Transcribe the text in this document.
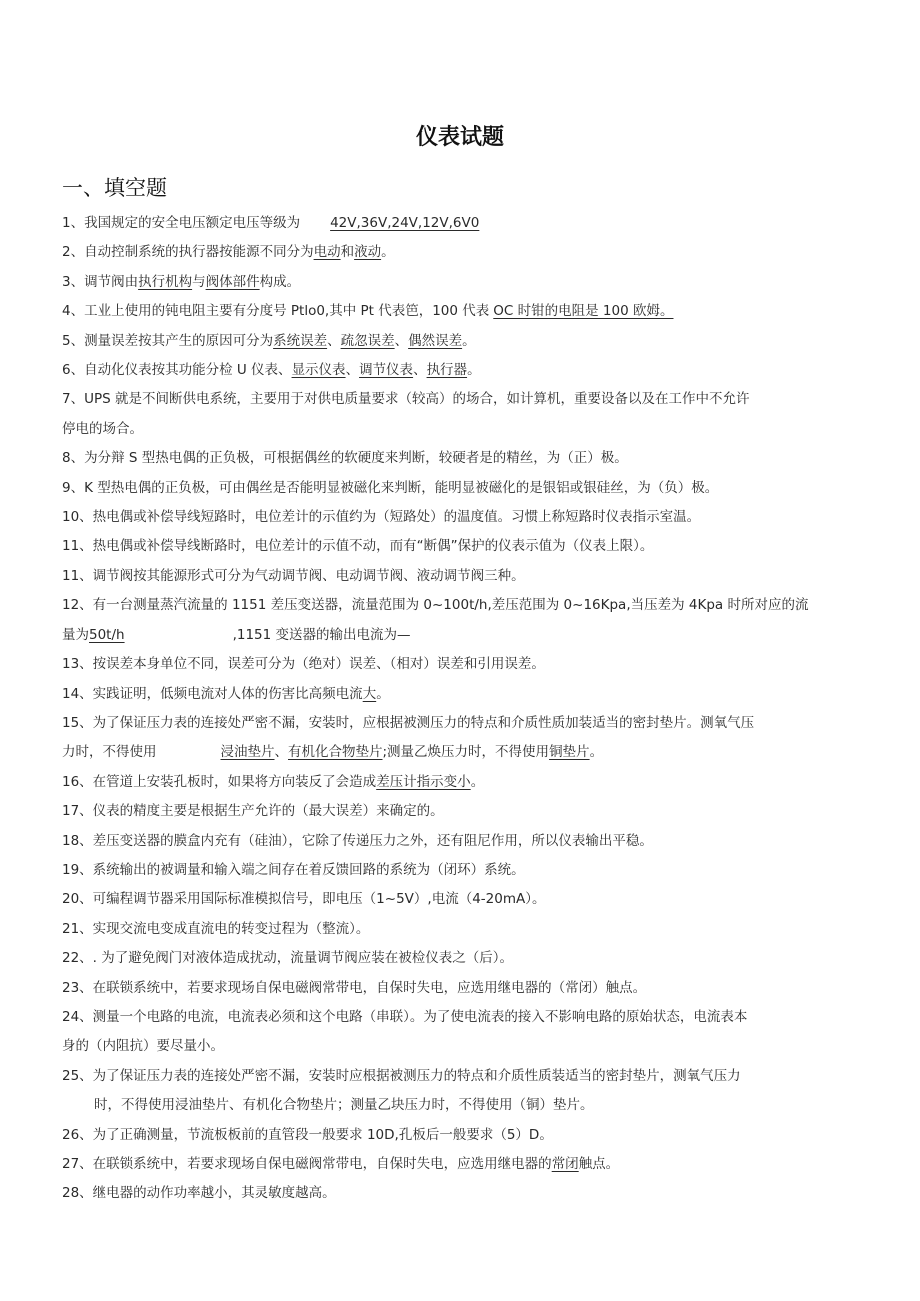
仪表试题
一、填空题
1、我国规定的安全电压额定电压等级为 42V,36V,24V,12V,6V0
2、自动控制系统的执行器按能源不同分为电动和液动。
3、调节阀由执行机构与阀体部件构成。
4、工业上使用的钝电阻主要有分度号 Ptlo0,其中 Pt 代表笆，100 代表 OC 时钳的电阻是 100 欧姆。
5、测量误差按其产生的原因可分为系统误差、疏忽误差、偶然误差。
6、自动化仪表按其功能分检 U 仪表、显示仪表、调节仪表、执行器。
7、UPS 就是不间断供电系统，主要用于对供电质量要求（较高）的场合，如计算机，重要设备以及在工作中不允许
停电的场合。
8、为分辩 S 型热电偶的正负极，可根据偶丝的软硬度来判断，较硬者是的精丝，为（正）极。
9、K 型热电偶的正负极，可由偶丝是否能明显被磁化来判断，能明显被磁化的是银铝或银硅丝，为（负）极。
10、热电偶或补偿导线短路时，电位差计的示值约为（短路处）的温度值。习惯上称短路时仪表指示室温。
11、热电偶或补偿导线断路时，电位差计的示值不动，而有“断偶”保护的仪表示值为（仪表上限）。
11、调节阀按其能源形式可分为气动调节阀、电动调节阀、液动调节阀三种。
12、有一台测量蒸汽流量的 1151 差压变送器，流量范围为 0~100t/h,差压范围为 0~16Kpa,当压差为 4Kpa 时所对应的流
量为50t/h	,1151 变送器的输出电流为—
13、按误差本身单位不同，误差可分为（绝对）误差、（相对）误差和引用误差。
14、实践证明，低频电流对人体的伤害比高频电流大。
15、为了保证压力表的连接处严密不漏，安装时，应根据被测压力的特点和介质性质加装适当的密封垫片。测氧气压
力时，不得使用	浸油垫片、有机化合物垫片;测量乙焕压力时，不得使用铜垫片。
16、在管道上安装孔板时，如果将方向装反了会造成差压计指示变小。
17、仪表的精度主要是根据生产允许的（最大误差）来确定的。
18、差压变送器的膜盒内充有（硅油），它除了传递压力之外，还有阻尼作用，所以仪表输出平稳。
19、系统输出的被调量和输入端之间存在着反馈回路的系统为（闭环）系统。
20、可编程调节器采用国际标准模拟信号，即电压（1~5V）,电流（4-20mA）。
21、实现交流电变成直流电的转变过程为（整流）。
22、. 为了避免阀门对液体造成扰动，流量调节阀应装在被检仪表之（后）。
23、在联锁系统中，若要求现场自保电磁阀常带电，自保时失电，应选用继电器的（常闭）触点。
24、测量一个电路的电流，电流表必须和这个电路（串联）。为了使电流表的接入不影响电路的原始状态，电流表本
身的（内阻抗）要尽量小。
25、为了保证压力表的连接处严密不漏，安装时应根据被测压力的特点和介质性质装适当的密封垫片，测氧气压力
时，不得使用浸油垫片、有机化合物垫片；测量乙块压力时，不得使用（铜）垫片。
26、为了正确测量，节流板板前的直管段一般要求 10D,孔板后一般要求（5）D。
27、在联锁系统中，若要求现场自保电磁阀常带电，自保时失电，应选用继电器的常闭触点。
28、继电器的动作功率越小，其灵敏度越高。
